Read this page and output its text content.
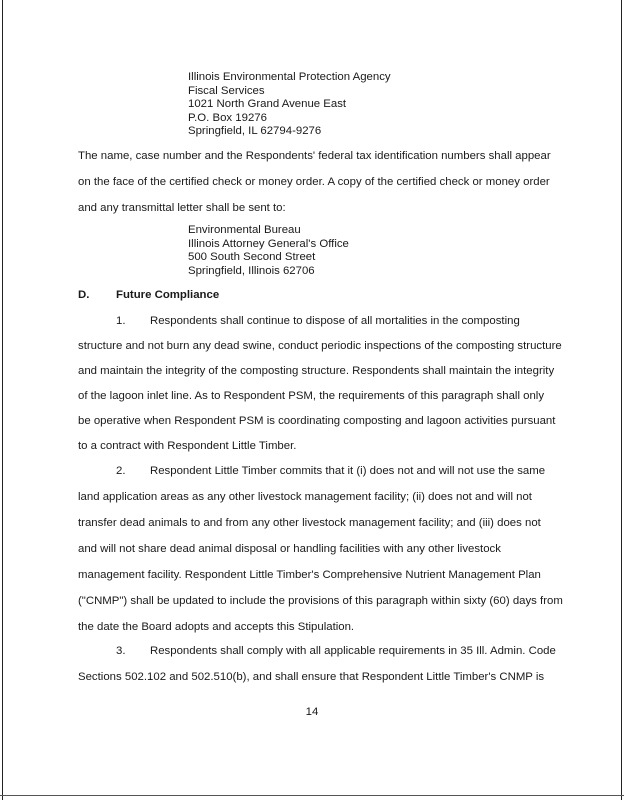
Illinois Environmental Protection Agency
Fiscal Services
1021 North Grand Avenue East
P.O. Box 19276
Springfield, IL 62794-9276
The name, case number and the Respondents' federal tax identification numbers shall appear
on the face of the certified check or money order. A copy of the certified check or money order
and any transmittal letter shall be sent to:
Environmental Bureau
Illinois Attorney General's Office
500 South Second Street
Springfield, Illinois 62706
D. Future Compliance
1. Respondents shall continue to dispose of all mortalities in the composting
structure and not burn any dead swine, conduct periodic inspections of the composting structure
and maintain the integrity of the composting structure. Respondents shall maintain the integrity
of the lagoon inlet line. As to Respondent PSM, the requirements of this paragraph shall only
be operative when Respondent PSM is coordinating composting and lagoon activities pursuant
to a contract with Respondent Little Timber.
2. Respondent Little Timber commits that it (i) does not and will not use the same
land application areas as any other livestock management facility; (ii) does not and will not
transfer dead animals to and from any other livestock management facility; and (iii) does not
and will not share dead animal disposal or handling facilities with any other livestock
management facility. Respondent Little Timber's Comprehensive Nutrient Management Plan
("CNMP") shall be updated to include the provisions of this paragraph within sixty (60) days from
the date the Board adopts and accepts this Stipulation.
3. Respondents shall comply with all applicable requirements in 35 Ill. Admin. Code
Sections 502.102 and 502.510(b), and shall ensure that Respondent Little Timber's CNMP is
14
